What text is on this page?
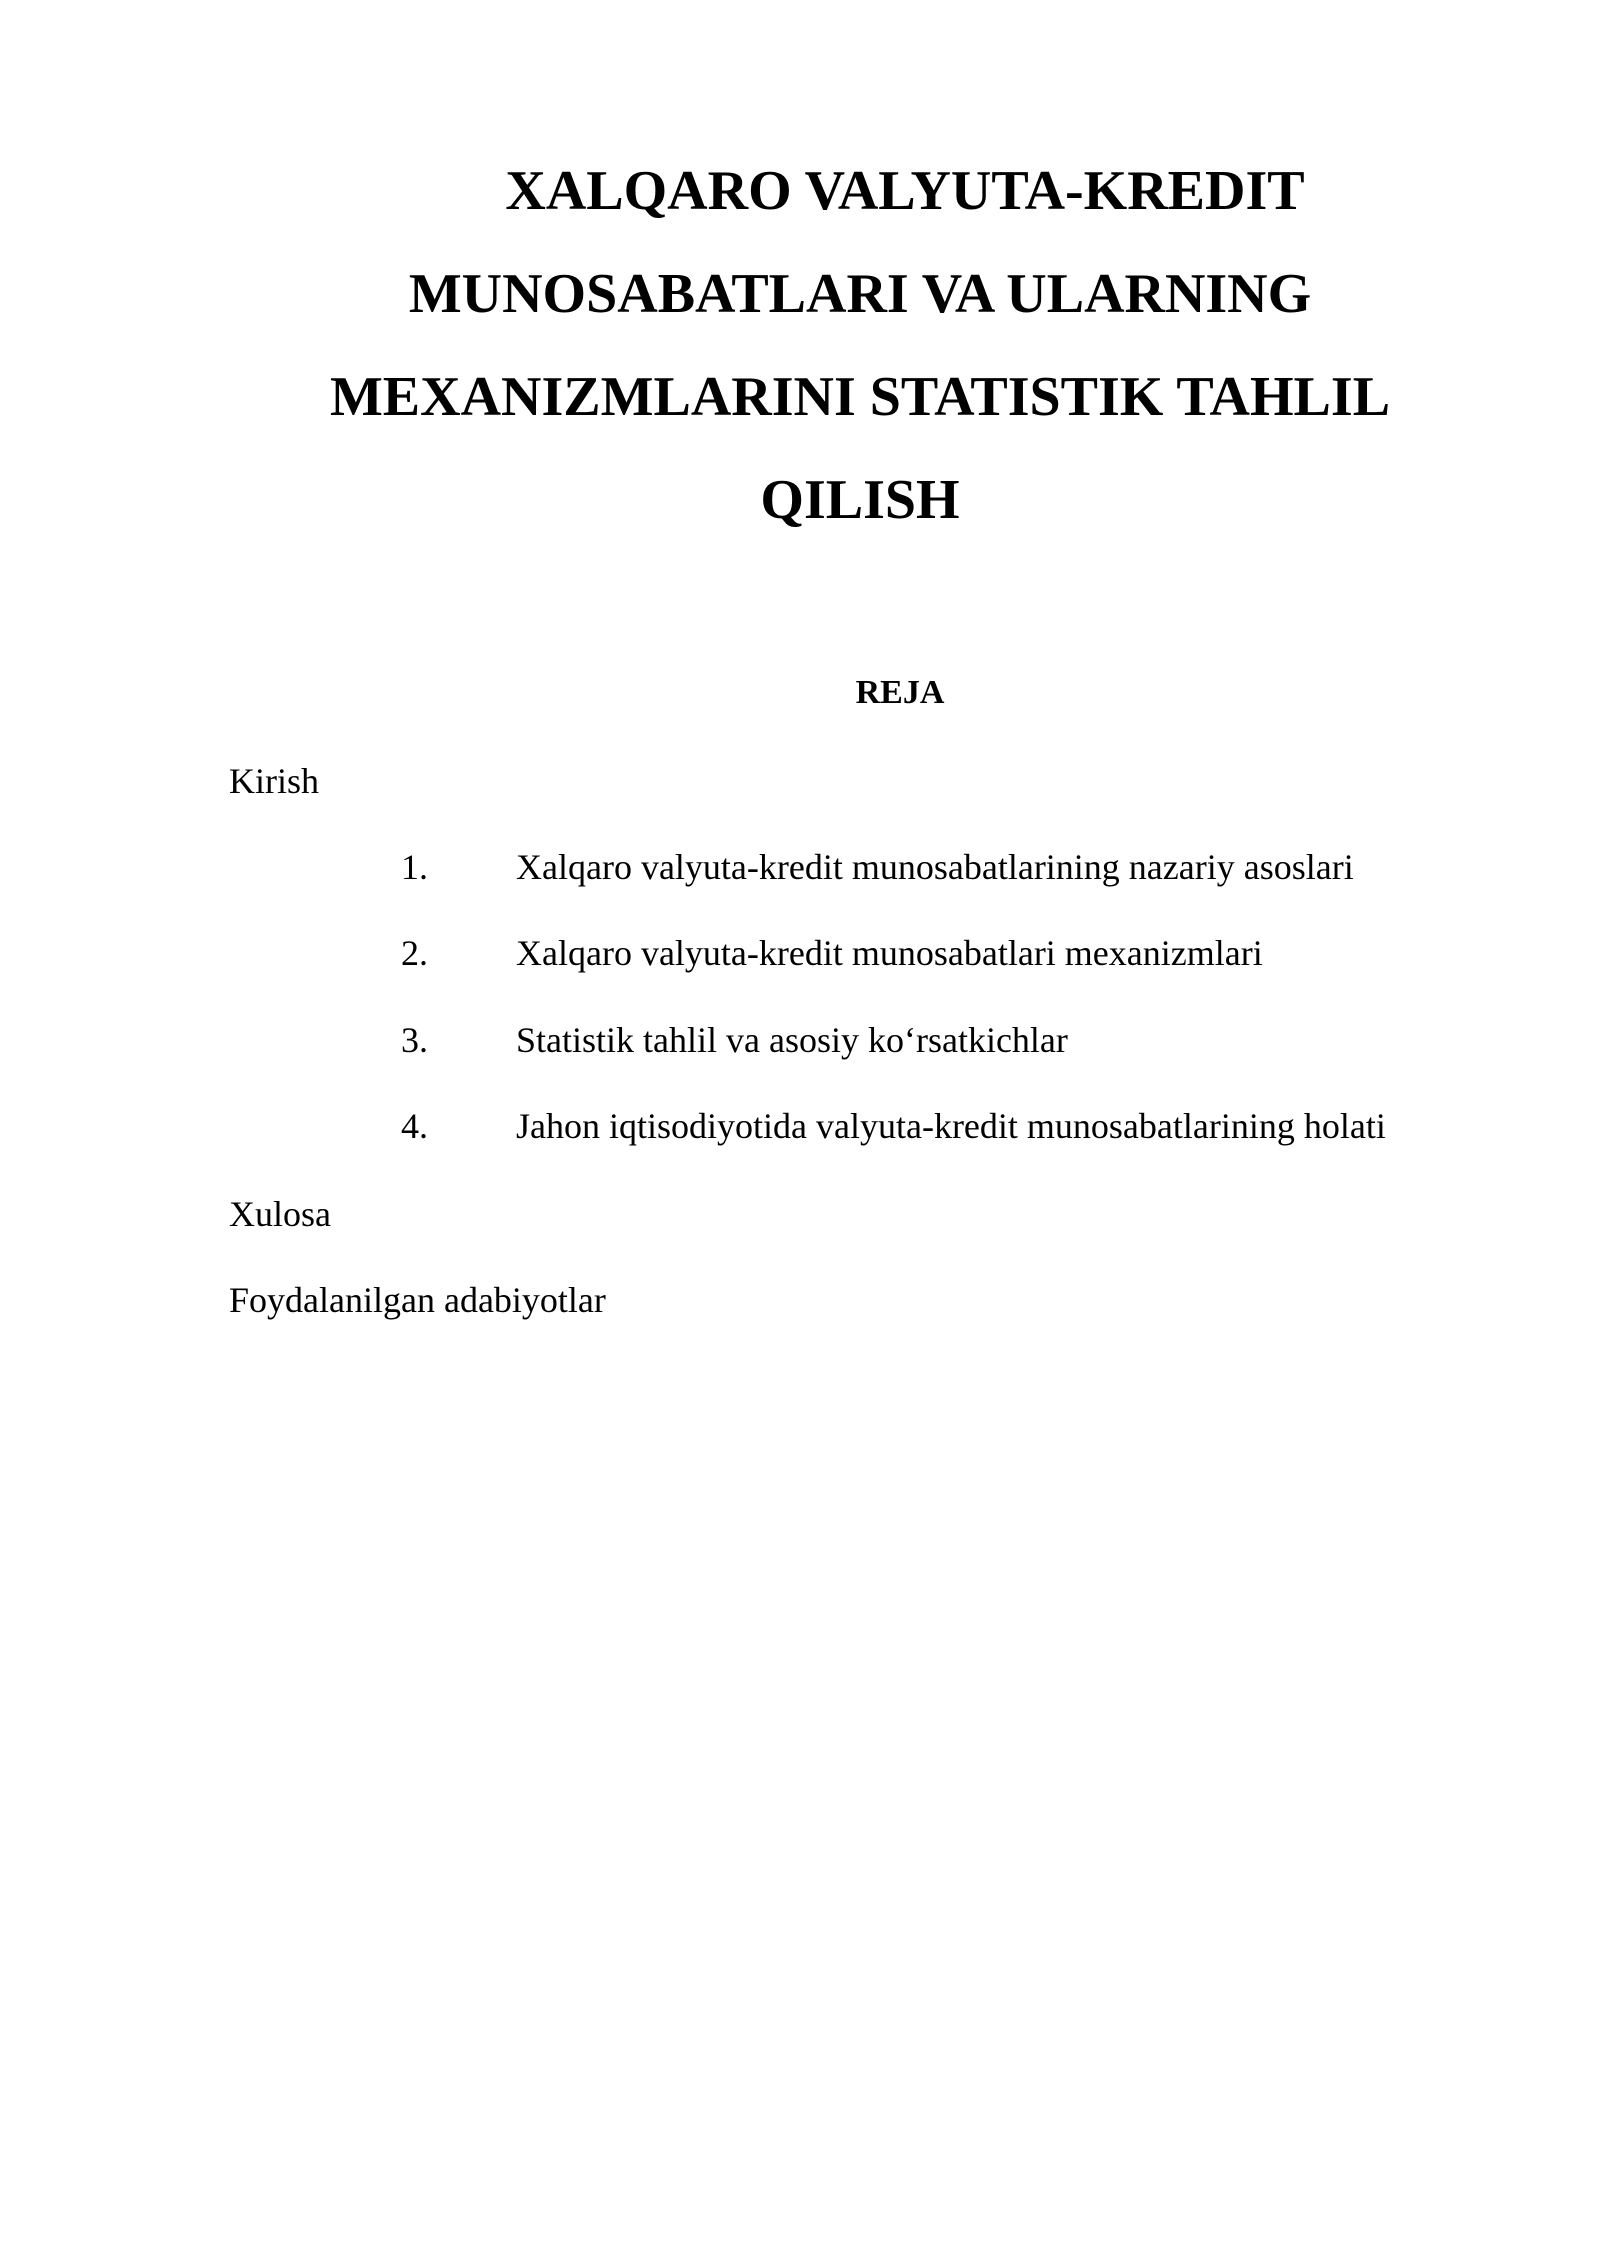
XALQARO VALYUTA-KREDIT
MUNOSABATLARI VA ULARNING
MEXANIZMLARINI STATISTIK TAHLIL
QILISH
REJA

Kirish

1. Xalqaro valyuta-kredit munosabatlarining nazariy asoslari
2. Xalqaro valyuta-kredit munosabatlari mexanizmlari
3. Statistik tahlil va asosiy ko‘rsatkichlar
4. Jahon iqtisodiyotida valyuta-kredit munosabatlarining holati

Xulosa

Foydalanilgan adabiyotlar
